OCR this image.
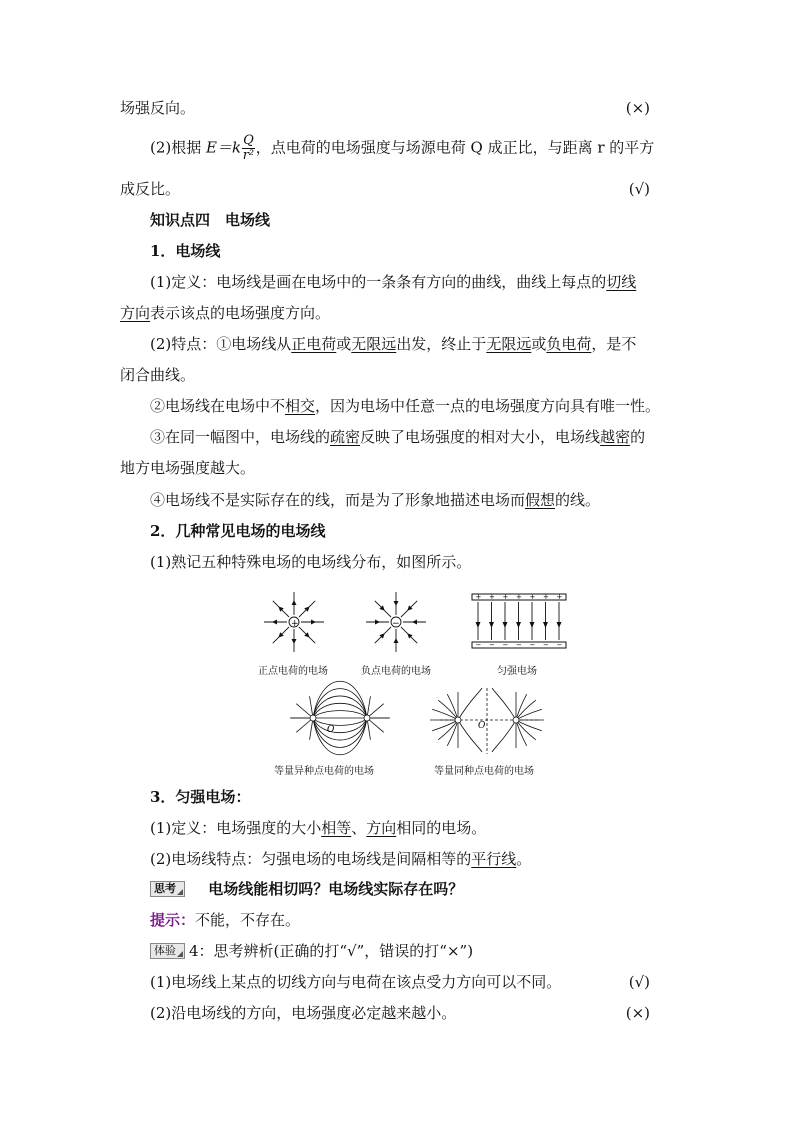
场强反向。	(×)
(2)根据 $E=k \frac{Q}{\text{r²}}$ ，点电荷的电场强度与场源电荷 Q 成正比，与距离 r 的平方
成反比。	(√)
知识点四　电场线
1．电场线
(1)定义：电场线是画在电场中的一条条有方向的曲线，曲线上每点的切线
方向表示该点的电场强度方向。
(2)特点：①电场线从正电荷或无限远出发，终止于无限远或负电荷，是不
闭合曲线。
②电场线在电场中不相交，因为电场中任意一点的电场强度方向具有唯一性。
③在同一幅图中，电场线的疏密反映了电场强度的相对大小，电场线越密的
地方电场强度越大。
④电场线不是实际存在的线，而是为了形象地描述电场而假想的线。
2．几种常见电场的电场线
(1)熟记五种特殊电场的电场线分布，如图所示。
+
正点电荷的电场
−
负点电荷的电场
+
−
+
−
+
−
+
−
+
−
+
−
+
−
匀强电场
O
等量异种点电荷的电场
O
等量同种点电荷的电场
3．匀强电场：
(1)定义：电场强度的大小相等、方向相同的电场。
(2)电场线特点：匀强电场的电场线是间隔相等的平行线。
思考 电场线能相切吗？电场线实际存在吗？
提示：不能，不存在。
体验 4：思考辨析(正确的打“√”，错误的打“×”)
(1)电场线上某点的切线方向与电荷在该点受力方向可以不同。	(√)
(2)沿电场线的方向，电场强度必定越来越小。	(×)
